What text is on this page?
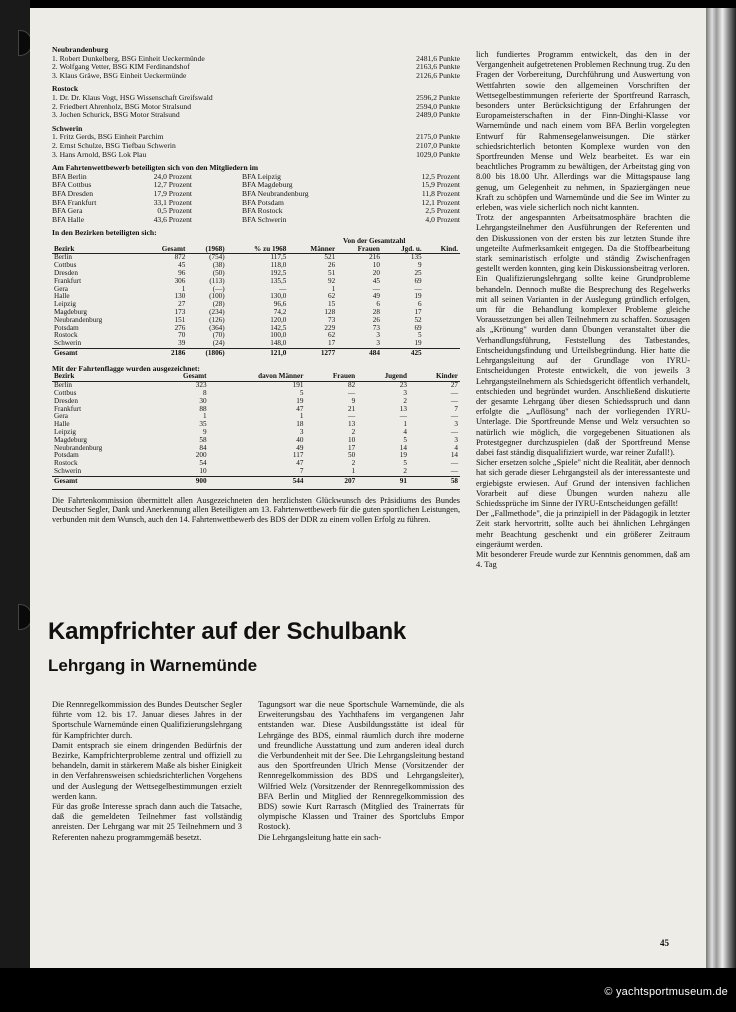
© yachtsportmuseum.de
Neubrandenburg
1. Robert Dunkelberg, BSG Einheit Ueckermünde	2481,6 Punkte
2. Wolfgang Vetter, BSG KIM Ferdinandshof	2163,6 Punkte
3. Klaus Gräwe, BSG Einheit Ueckermünde	2126,6 Punkte
Rostock
1. Dr. Dr. Klaus Vogt, HSG Wissenschaft Greifswald	2596,2 Punkte
2. Friedbert Ahrenholz, BSG Motor Stralsund	2594,0 Punkte
3. Jochen Schurick, BSG Motor Stralsund	2489,0 Punkte
Schwerin
1. Fritz Gerds, BSG Einheit Parchim	2175,0 Punkte
2. Ernst Schulze, BSG Tiefbau Schwerin	2107,0 Punkte
3. Hans Arnold, BSG Lok Plau	1029,0 Punkte
Am Fahrtenwettbewerb beteiligten sich von den Mitgliedern im
BFA Berlin	24,0 Prozent	BFA Leipzig	12,5 Prozent
BFA Cottbus	12,7 Prozent	BFA Magdeburg	15,9 Prozent
BFA Dresden	17,9 Prozent	BFA Neubrandenburg	11,8 Prozent
BFA Frankfurt	33,1 Prozent	BFA Potsdam	12,1 Prozent
BFA Gera	0,5 Prozent	BFA Rostock	2,5 Prozent
BFA Halle	43,6 Prozent	BFA Schwerin	4,0 Prozent
In den Bezirken beteiligten sich:
				Von der Gesamtzahl			
Bezirk	Gesamt	(1968)	% zu 1968	Männer	Frauen	Jgd. u.	Kind.
Berlin	872	(754)	117,5	521	216	135	
Cottbus	45	(38)	118,0	26	10	9	
Dresden	96	(50)	192,5	51	20	25	
Frankfurt	306	(113)	135,5	92	45	69	
Gera	1	(—)	—	1	—	—	
Halle	130	(100)	130,0	62	49	19	
Leipzig	27	(28)	96,6	15	6	6	
Magdeburg	173	(234)	74,2	128	28	17	
Neubrandenburg	151	(126)	120,0	73	26	52	
Potsdam	276	(364)	142,5	229	73	69	
Rostock	70	(70)	100,0	62	3	5	
Schwerin	39	(24)	148,0	17	3	19	
Gesamt	2186	(1806)	121,0	1277	484	425	
Mit der Fahrtenflagge wurden ausgezeichnet:
Bezirk	Gesamt	davon Männer	Frauen	Jugend	Kinder
Berlin	323	191	82	23	27
Cottbus	8	5	—	3	—
Dresden	30	19	9	2	—
Frankfurt	88	47	21	13	7
Gera	1	1	—	—	—
Halle	35	18	13	1	3
Leipzig	9	3	2	4	—
Magdeburg	58	40	10	5	3
Neubrandenburg	84	49	17	14	4
Potsdam	200	117	50	19	14
Rostock	54	47	2	5	—
Schwerin	10	7	1	2	—
Gesamt	900	544	207	91	58

Die Fahrtenkommission übermittelt allen Ausgezeichneten den herzlichsten Glückwunsch des Präsidiums des Bundes Deutscher Segler, Dank und Anerkennung allen Beteiligten am 13. Fahrtenwettbewerb für die guten sportlichen Leistungen, verbunden mit dem Wunsch, auch den 14. Fahrtenwettbewerb des BDS der DDR zu einem vollen Erfolg zu führen.

lich fundiertes Programm entwickelt, das den in der Vergangenheit aufgetretenen Problemen Rechnung trug. Zu den Fragen der Vorbereitung, Durchführung und Auswertung von Wettfahrten sowie den allgemeinen Vorschriften der Wettsegelbestimmungen referierte der Sportfreund Rarrasch, besonders unter Berücksichtigung der Erfahrungen der Europameisterschaften in der Finn-Dinghi-Klasse vor Warnemünde und nach einem vom BFA Berlin vorgelegten Entwurf für Rahmensegelanweisungen. Die stärker schiedsrichterlich betonten Komplexe wurden von den Sportfreunden Mense und Welz bearbeitet. Es war ein beachtliches Programm zu bewältigen, der Arbeitstag ging von 8.00 bis 18.00 Uhr. Allerdings war die Mittagspause lang genug, um Gelegenheit zu nehmen, in Spaziergängen neue Kraft zu schöpfen und Warnemünde und die See im Winter zu erleben, was viele sicherlich noch nicht kannten.

Trotz der angespannten Arbeitsatmosphäre brachten die Lehrgangsteilnehmer den Ausführungen der Referenten und den Diskussionen von der ersten bis zur letzten Stunde ihre ungeteilte Aufmerksamkeit entgegen. Da die Stoffbearbeitung stark seminaristisch erfolgte und ständig Zwischenfragen gestellt werden konnten, ging kein Diskussionsbeitrag verloren.

Ein Qualifizierungslehrgang sollte keine Grundprobleme behandeln. Dennoch mußte die Besprechung des Regelwerks mit all seinen Varianten in der Auslegung gründlich erfolgen, um für die Behandlung komplexer Probleme gleiche Voraussetzungen bei allen Teilnehmern zu schaffen. Sozusagen als „Krönung" wurden dann Übungen veranstaltet über die Verhandlungsführung, Feststellung des Tatbestandes, Entscheidungsfindung und Urteilsbegründung. Hier hatte die Lehrgangsleitung auf der Grundlage von IYRU-Entscheidungen Proteste entwickelt, die von jeweils 3 Lehrgangsteilnehmern als Schiedsgericht öffentlich verhandelt, entschieden und begründet wurden. Anschließend diskutierte der gesamte Lehrgang über diesen Schiedsspruch und dann erfolgte die „Auflösung" nach der vorliegenden IYRU-Unterlage. Die Sportfreunde Mense und Welz versuchten so natürlich wie möglich, die vorgegebenen Situationen als Protestgegner durchzuspielen (daß der Sportfreund Mense dabei fast ständig disqualifiziert wurde, war reiner Zufall!).

Sicher ersetzen solche „Spiele" nicht die Realität, aber dennoch hat sich gerade dieser Lehrgangsteil als der interessanteste und ergiebigste erwiesen. Auf Grund der intensiven fachlichen Vorarbeit auf diese Übungen wurden nahezu alle Schiedssprüche im Sinne der IYRU-Entscheidungen gefällt!

Der „Fallmethode", die ja prinzipiell in der Pädagogik in letzter Zeit stark hervortritt, sollte auch bei ähnlichen Lehrgängen mehr Beachtung geschenkt und ein größerer Zeitraum eingeräumt werden.

Mit besonderer Freude wurde zur Kenntnis genommen, daß am 4. Tag

Kampfrichter auf der Schulbank
Lehrgang in Warnemünde

Die Rennregelkommission des Bundes Deutscher Segler führte vom 12. bis 17. Januar dieses Jahres in der Sportschule Warnemünde einen Qualifizierungslehrgang für Kampfrichter durch.

Damit entsprach sie einem dringenden Bedürfnis der Bezirke, Kampfrichterprobleme zentral und offiziell zu behandeln, damit in stärkerem Maße als bisher Einigkeit in den Verfahrensweisen schiedsrichterlichen Vorgehens und der Auslegung der Wettsegelbestimmungen erzielt werden kann.

Für das große Interesse sprach dann auch die Tatsache, daß die gemeldeten Teilnehmer fast vollständig anreisten. Der Lehrgang war mit 25 Teilnehmern und 3 Referenten nahezu programmgemäß besetzt.

Tagungsort war die neue Sportschule Warnemünde, die als Erweiterungsbau des Yachthafens im vergangenen Jahr entstanden war. Diese Ausbildungsstätte ist ideal für Lehrgänge des BDS, einmal räumlich durch ihre moderne und freundliche Ausstattung und zum anderen ideal durch die Verbundenheit mit der See. Die Lehrgangsleitung bestand aus den Sportfreunden Ulrich Mense (Vorsitzender der Rennregelkommission des BDS und Lehrgangsleiter), Wilfried Welz (Vorsitzender der Rennregelkommission des BFA Berlin und Mitglied der Rennregelkommission des BDS) sowie Kurt Rarrasch (Mitglied des Trainerrats für olympische Klassen und Trainer des Sportclubs Empor Rostock).

Die Lehrgangsleitung hatte ein sach-

45
